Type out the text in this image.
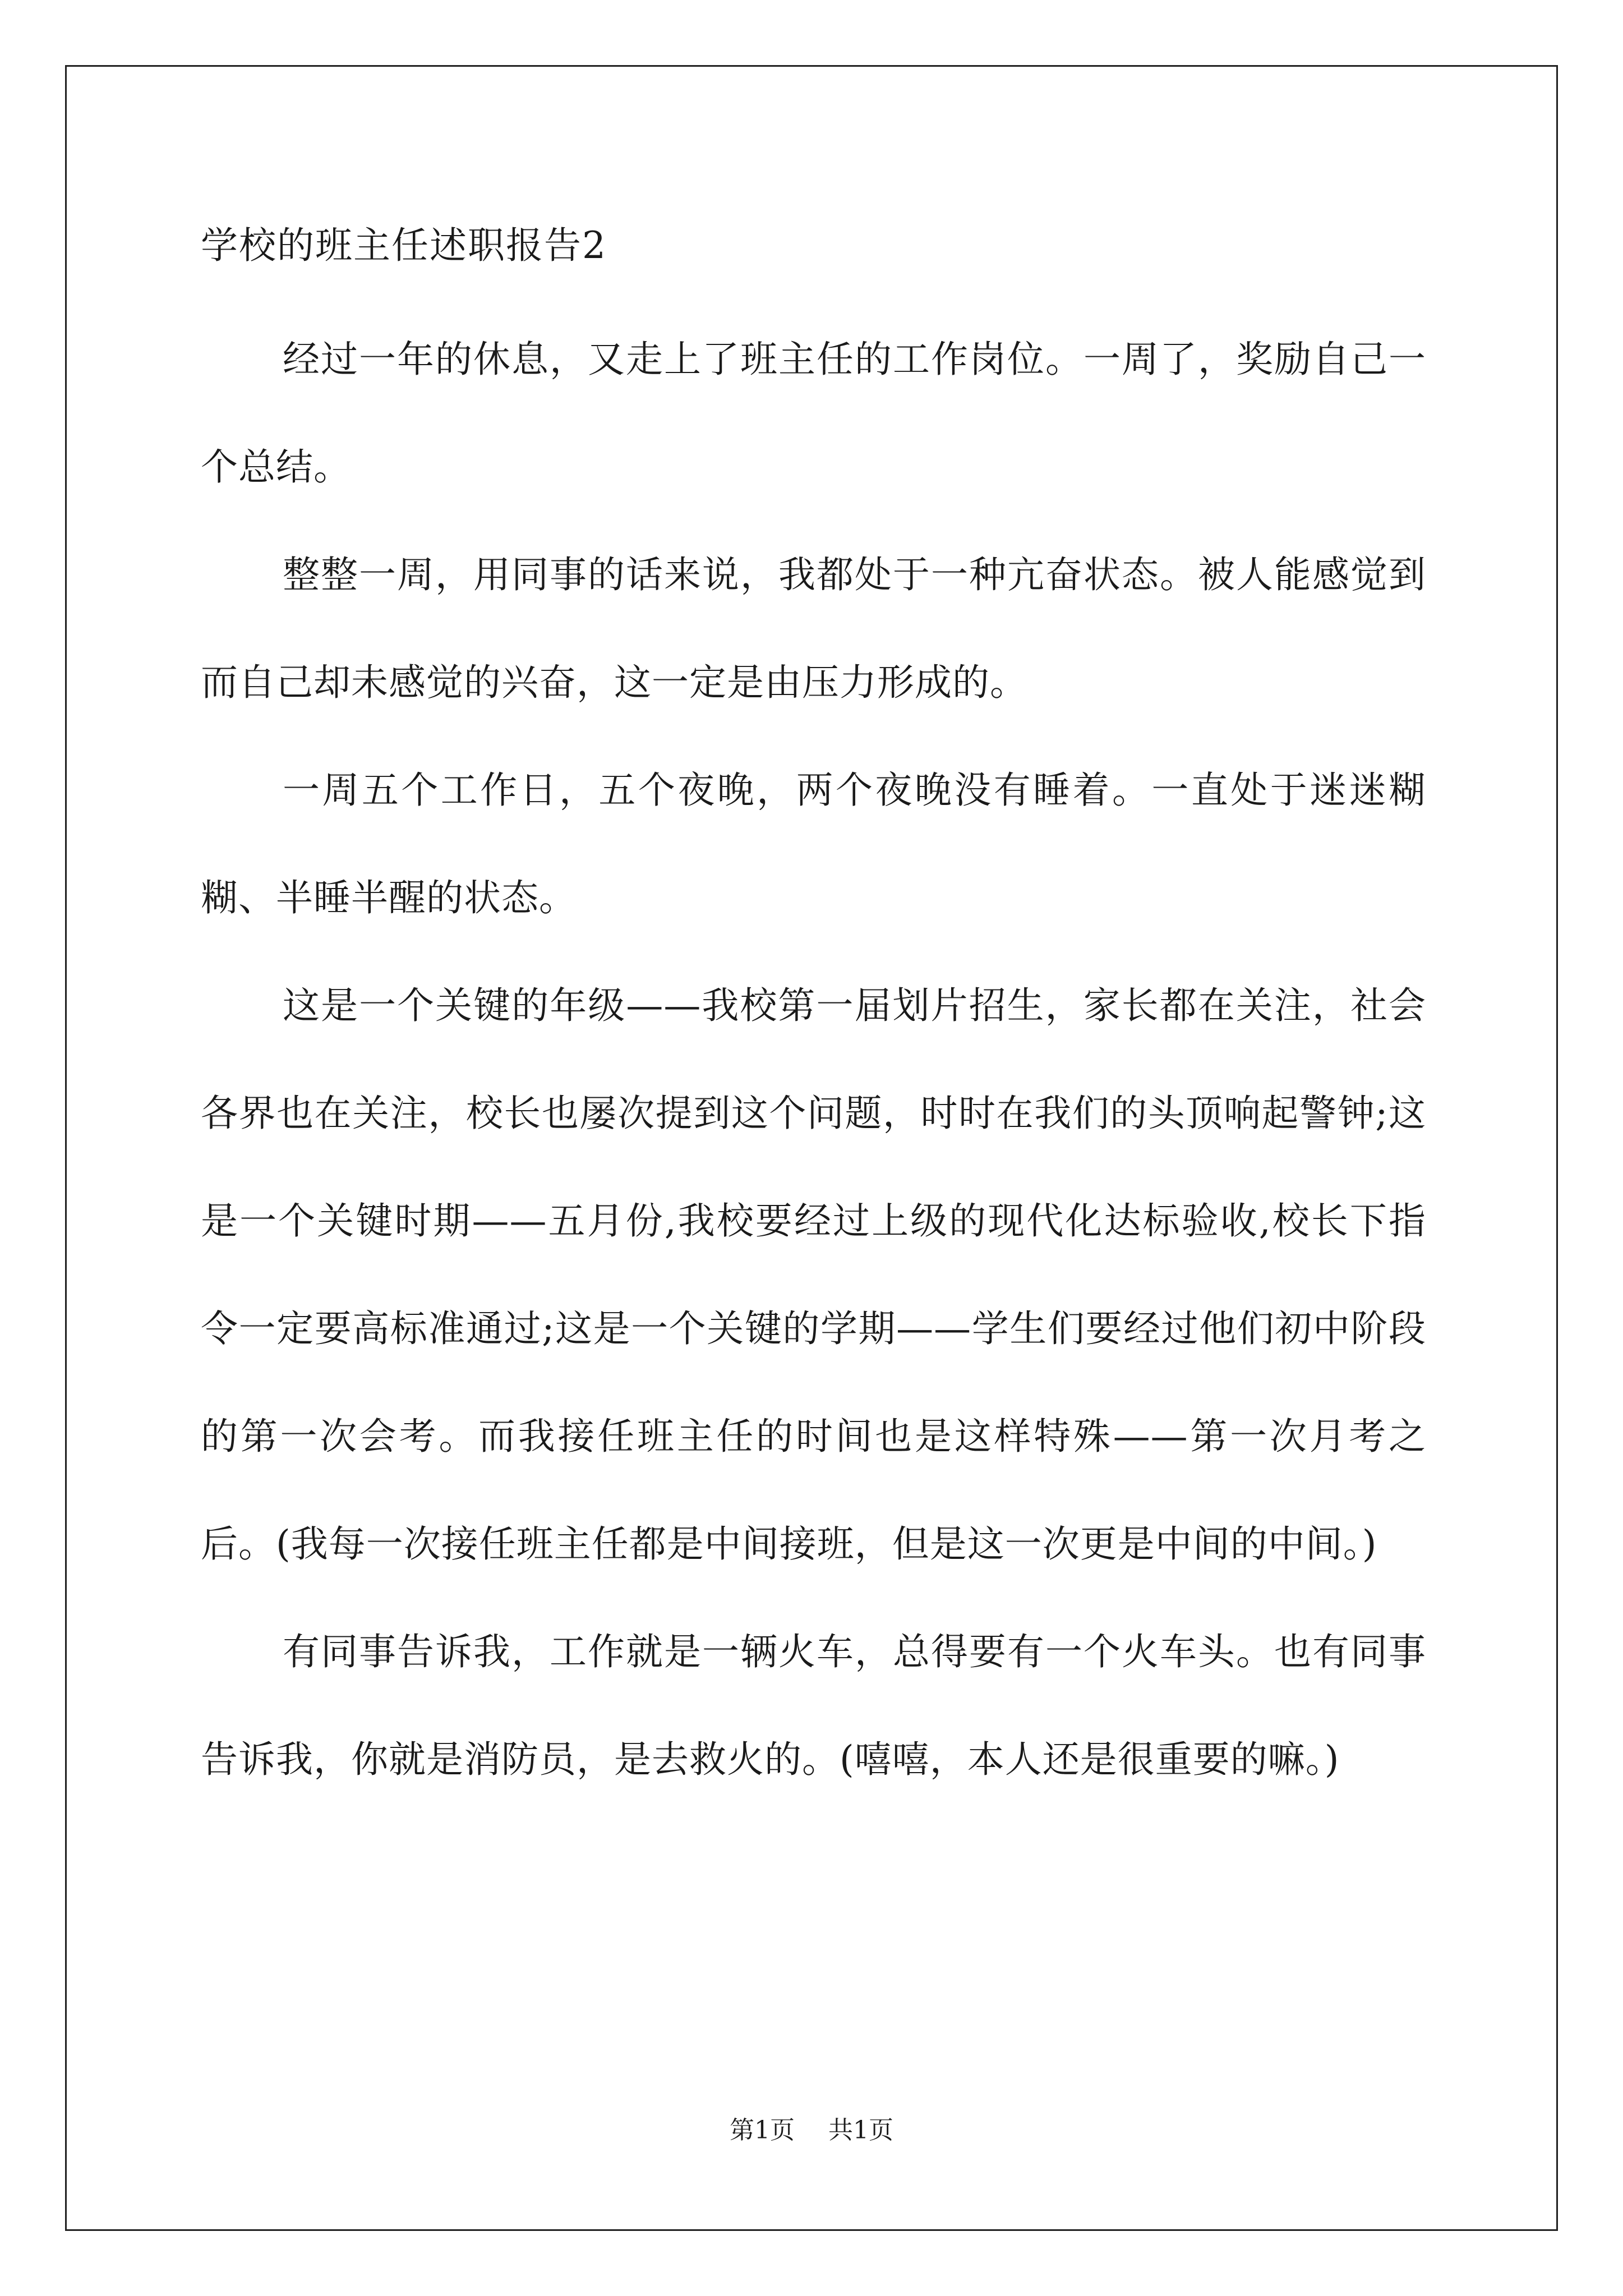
学校的班主任述职报告2

经过一年的休息，又走上了班主任的工作岗位。一周了，奖励自己一个总结。

整整一周，用同事的话来说，我都处于一种亢奋状态。被人能感觉到而自己却未感觉的兴奋，这一定是由压力形成的。

一周五个工作日，五个夜晚，两个夜晚没有睡着。一直处于迷迷糊糊、半睡半醒的状态。

这是一个关键的年级——我校第一届划片招生，家长都在关注，社会各界也在关注，校长也屡次提到这个问题，时时在我们的头顶响起警钟;这是一个关键时期——五月份,我校要经过上级的现代化达标验收,校长下指令一定要高标准通过;这是一个关键的学期——学生们要经过他们初中阶段的第一次会考。而我接任班主任的时间也是这样特殊——第一次月考之后。(我每一次接任班主任都是中间接班，但是这一次更是中间的中间。)

有同事告诉我，工作就是一辆火车，总得要有一个火车头。也有同事告诉我，你就是消防员，是去救火的。(嘻嘻，本人还是很重要的嘛。)

第1页 共1页
